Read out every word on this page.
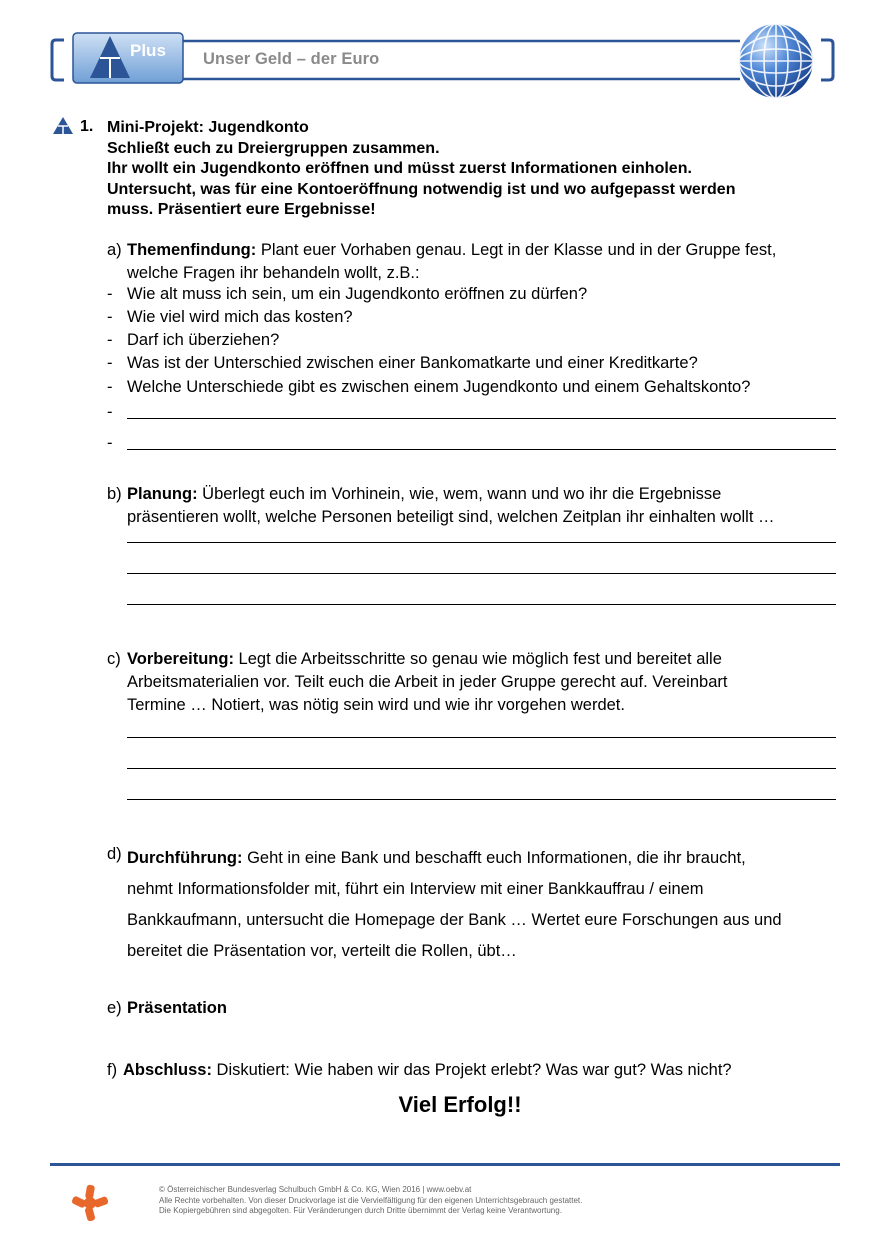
Plus Unser Geld – der Euro
1. Mini-Projekt: Jugendkonto
Schließt euch zu Dreiergruppen zusammen.
Ihr wollt ein Jugendkonto eröffnen und müsst zuerst Informationen einholen.
Untersucht, was für eine Kontoeröffnung notwendig ist und wo aufgepasst werden
muss. Präsentiert eure Ergebnisse!
a) Themenfindung: Plant euer Vorhaben genau. Legt in der Klasse und in der Gruppe fest,
welche Fragen ihr behandeln wollt, z.B.:
- Wie alt muss ich sein, um ein Jugendkonto eröffnen zu dürfen?
- Wie viel wird mich das kosten?
- Darf ich überziehen?
- Was ist der Unterschied zwischen einer Bankomatkarte und einer Kreditkarte?
- Welche Unterschiede gibt es zwischen einem Jugendkonto und einem Gehaltskonto?
-
-
b) Planung: Überlegt euch im Vorhinein, wie, wem, wann und wo ihr die Ergebnisse
präsentieren wollt, welche Personen beteiligt sind, welchen Zeitplan ihr einhalten wollt …
c) Vorbereitung: Legt die Arbeitsschritte so genau wie möglich fest und bereitet alle
Arbeitsmaterialien vor. Teilt euch die Arbeit in jeder Gruppe gerecht auf. Vereinbart
Termine … Notiert, was nötig sein wird und wie ihr vorgehen werdet.
d) Durchführung: Geht in eine Bank und beschafft euch Informationen, die ihr braucht,
nehmt Informationsfolder mit, führt ein Interview mit einer Bankkauffrau / einem
Bankkaufmann, untersucht die Homepage der Bank … Wertet eure Forschungen aus und
bereitet die Präsentation vor, verteilt die Rollen, übt…
e) Präsentation
f) Abschluss: Diskutiert: Wie haben wir das Projekt erlebt? Was war gut? Was nicht?
Viel Erfolg!!
© Österreichischer Bundesverlag Schulbuch GmbH & Co. KG, Wien 2016 | www.oebv.at
Alle Rechte vorbehalten. Von dieser Druckvorlage ist die Vervielfältigung für den eigenen Unterrichtsgebrauch gestattet.
Die Kopiergebühren sind abgegolten. Für Veränderungen durch Dritte übernimmt der Verlag keine Verantwortung.
